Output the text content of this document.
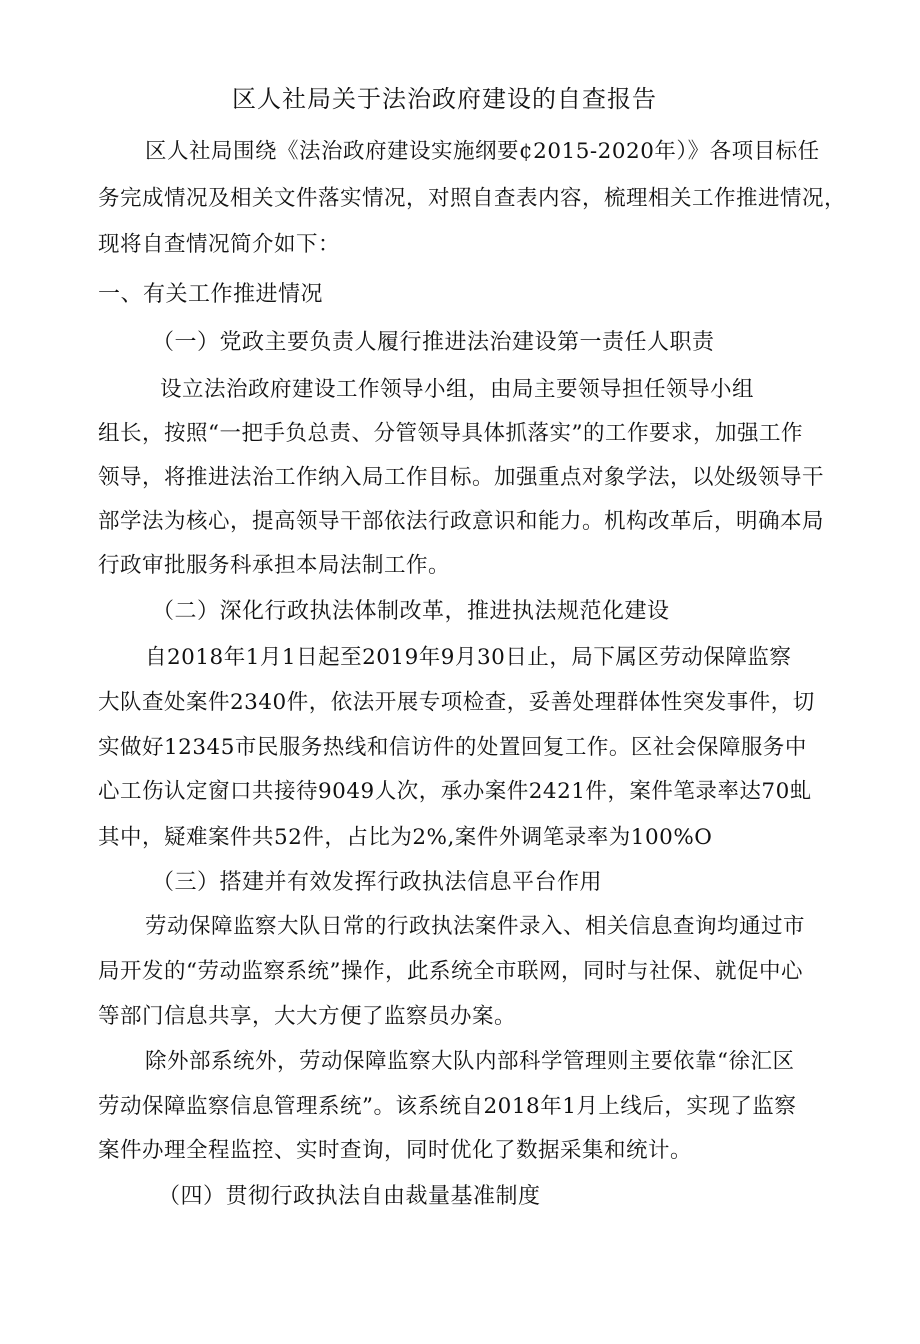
区人社局关于法治政府建设的自查报告

区人社局围绕《法治政府建设实施纲要¢2015-2020年）》各项目标任

务完成情况及相关文件落实情况，对照自查表内容，梳理相关工作推进情况，

现将自查情况简介如下：

一、有关工作推进情况

（一）党政主要负责人履行推进法治建设第一责任人职责

设立法治政府建设工作领导小组，由局主要领导担任领导小组

组长，按照“一把手负总责、分管领导具体抓落实”的工作要求，加强工作

领导，将推进法治工作纳入局工作目标。加强重点对象学法，以处级领导干

部学法为核心，提高领导干部依法行政意识和能力。机构改革后，明确本局

行政审批服务科承担本局法制工作。

（二）深化行政执法体制改革，推进执法规范化建设

自2018年1月1日起至2019年9月30日止，局下属区劳动保障监察

大队查处案件2340件，依法开展专项检查，妥善处理群体性突发事件，切

实做好12345市民服务热线和信访件的处置回复工作。区社会保障服务中

心工伤认定窗口共接待9049人次，承办案件2421件，案件笔录率达70虬

其中，疑难案件共52件，占比为2%,案件外调笔录率为100%O

（三）搭建并有效发挥行政执法信息平台作用

劳动保障监察大队日常的行政执法案件录入、相关信息查询均通过市

局开发的“劳动监察系统”操作，此系统全市联网，同时与社保、就促中心

等部门信息共享，大大方便了监察员办案。

除外部系统外，劳动保障监察大队内部科学管理则主要依靠“徐汇区

劳动保障监察信息管理系统”。该系统自2018年1月上线后，实现了监察

案件办理全程监控、实时查询，同时优化了数据采集和统计。

（四）贯彻行政执法自由裁量基准制度
